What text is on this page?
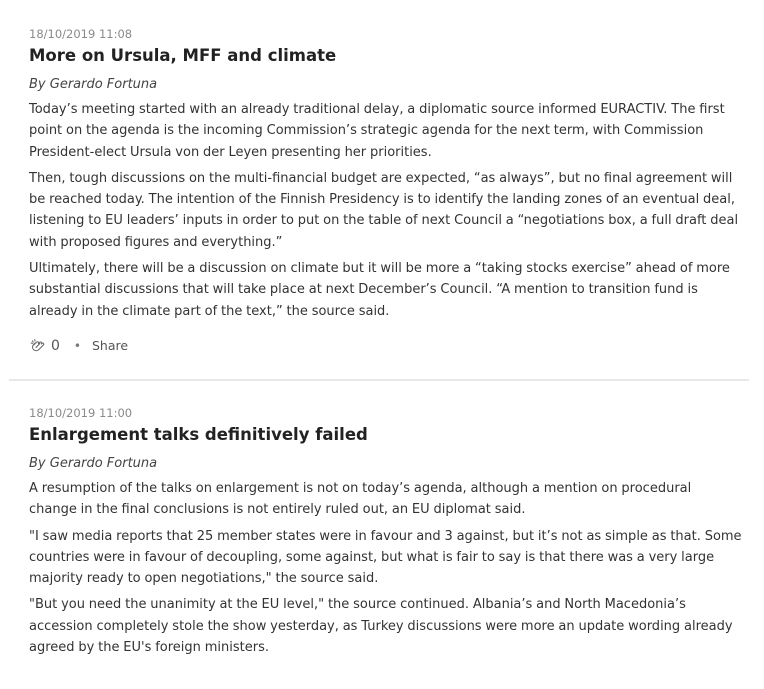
18/10/2019 11:08

More on Ursula, MFF and climate

By Gerardo Fortuna

Today’s meeting started with an already traditional delay, a diplomatic source informed EURACTIV. The first point on the agenda is the incoming Commission’s strategic agenda for the next term, with Commission President-elect Ursula von der Leyen presenting her priorities.

Then, tough discussions on the multi-financial budget are expected, “as always”, but no final agreement will be reached today. The intention of the Finnish Presidency is to identify the landing zones of an eventual deal, listening to EU leaders’ inputs in order to put on the table of next Council a “negotiations box, a full draft deal with proposed figures and everything.”

Ultimately, there will be a discussion on climate but it will be more a “taking stocks exercise” ahead of more substantial discussions that will take place at next December’s Council. “A mention to transition fund is already in the climate part of the text,” the source said.

0 • Share

18/10/2019 11:00

Enlargement talks definitively failed

By Gerardo Fortuna

A resumption of the talks on enlargement is not on today’s agenda, although a mention on procedural change in the final conclusions is not entirely ruled out, an EU diplomat said.

"I saw media reports that 25 member states were in favour and 3 against, but it’s not as simple as that. Some countries were in favour of decoupling, some against, but what is fair to say is that there was a very large majority ready to open negotiations," the source said.

"But you need the unanimity at the EU level," the source continued. Albania’s and North Macedonia’s accession completely stole the show yesterday, as Turkey discussions were more an update wording already agreed by the EU's foreign ministers.
